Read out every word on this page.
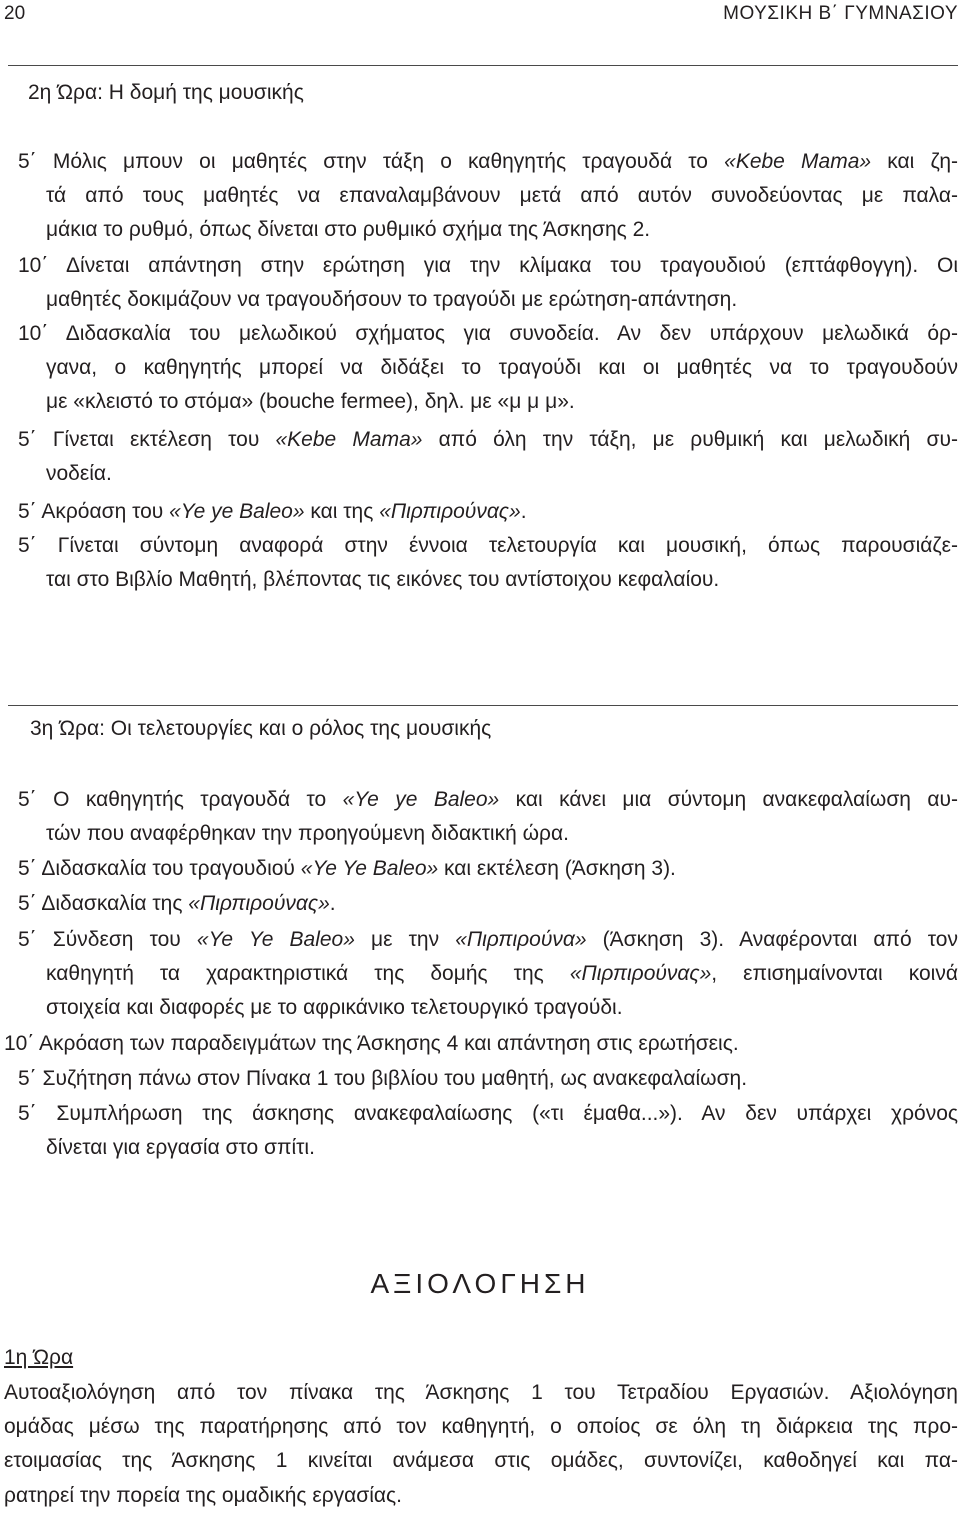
20	ΜΟΥΣΙΚΗ Β΄ ΓΥΜΝΑΣΙΟΥ
2η Ώρα: Η δομή της μουσικής
5΄ Μόλις μπουν οι μαθητές στην τάξη ο καθηγητής τραγουδά το «Kebe Mama» και ζη-
τά από τους μαθητές να επαναλαμβάνουν μετά από αυτόν συνοδεύοντας με παλα-
μάκια το ρυθμό, όπως δίνεται στο ρυθμικό σχήμα της Άσκησης 2.
10΄ Δίνεται απάντηση στην ερώτηση για την κλίμακα του τραγουδιού (επτάφθογγη). Οι
μαθητές δοκιμάζουν να τραγουδήσουν το τραγούδι με ερώτηση-απάντηση.
10΄ Διδασκαλία του μελωδικού σχήματος για συνοδεία. Αν δεν υπάρχουν μελωδικά όρ-
γανα, ο καθηγητής μπορεί να διδάξει το τραγούδι και οι μαθητές να το τραγουδούν
με «κλειστό το στόμα» (bouche fermee), δηλ. με «μ μ μ».
5΄ Γίνεται εκτέλεση του «Kebe Mama» από όλη την τάξη, με ρυθμική και μελωδική συ-
νοδεία.
5΄ Ακρόαση του «Ye ye Baleo» και της «Πιρπιρούνας».
5΄ Γίνεται σύντομη αναφορά στην έννοια τελετουργία και μουσική, όπως παρουσιάζε-
ται στο Βιβλίο Μαθητή, βλέποντας τις εικόνες του αντίστοιχου κεφαλαίου.
3η Ώρα: Οι τελετουργίες και ο ρόλος της μουσικής
5΄ Ο καθηγητής τραγουδά το «Ye ye Baleo» και κάνει μια σύντομη ανακεφαλαίωση αυ-
τών που αναφέρθηκαν την προηγούμενη διδακτική ώρα.
5΄ Διδασκαλία του τραγουδιού «Ye Ye Baleo» και εκτέλεση (Άσκηση 3).
5΄ Διδασκαλία της «Πιρπιρούνας».
5΄ Σύνδεση του «Ye Ye Baleo» με την «Πιρπιρούνα» (Άσκηση 3). Αναφέρονται από τον
καθηγητή τα χαρακτηριστικά της δομής της «Πιρπιρούνας», επισημαίνονται κοινά
στοιχεία και διαφορές με το αφρικάνικο τελετουργικό τραγούδι.
10΄ Ακρόαση των παραδειγμάτων της Άσκησης 4 και απάντηση στις ερωτήσεις.
5΄ Συζήτηση πάνω στον Πίνακα 1 του βιβλίου του μαθητή, ως ανακεφαλαίωση.
5΄ Συμπλήρωση της άσκησης ανακεφαλαίωσης («τι έμαθα...»). Αν δεν υπάρχει χρόνος
δίνεται για εργασία στο σπίτι.
ΑΞΙΟΛΟΓΗΣΗ
1η Ώρα
Αυτοαξιολόγηση από τον πίνακα της Άσκησης 1 του Τετραδίου Εργασιών. Αξιολόγηση
ομάδας μέσω της παρατήρησης από τον καθηγητή, ο οποίος σε όλη τη διάρκεια της προ-
ετοιμασίας της Άσκησης 1 κινείται ανάμεσα στις ομάδες, συντονίζει, καθοδηγεί και πα-
ρατηρεί την πορεία της ομαδικής εργασίας.
